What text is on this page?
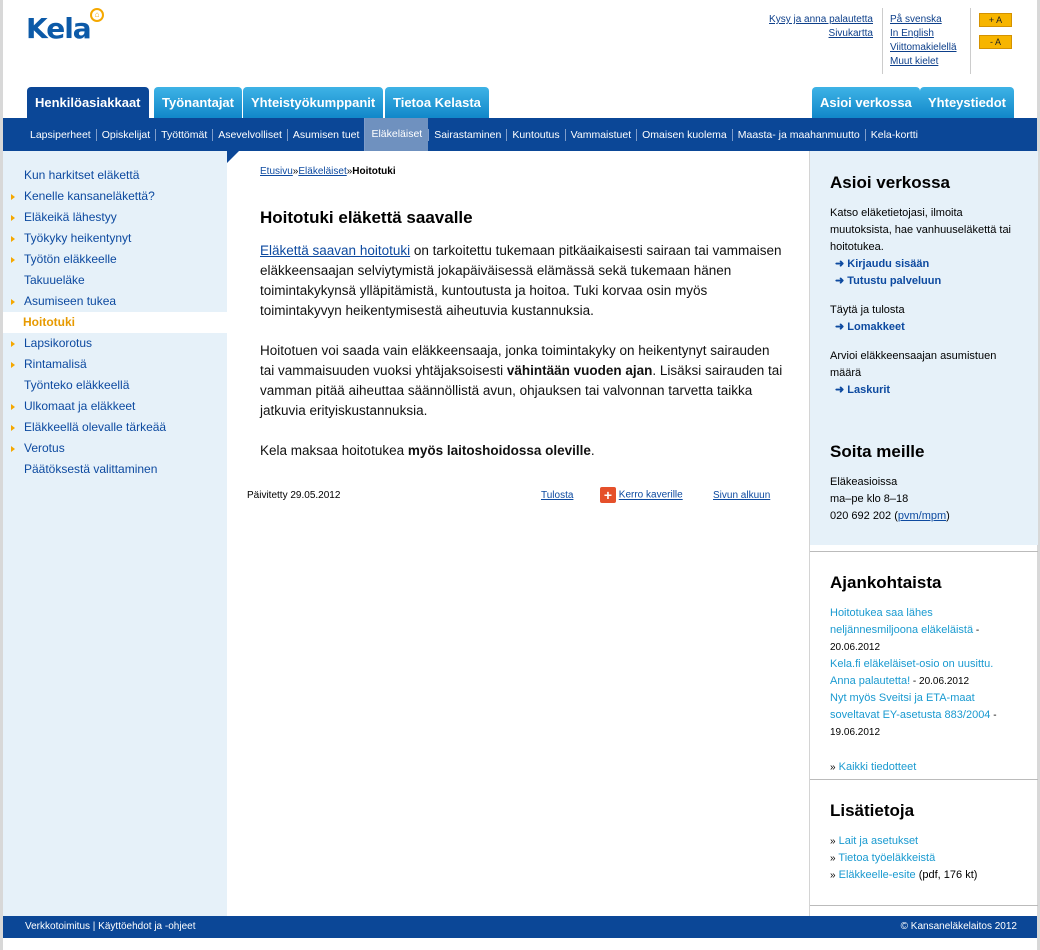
Kela ⌂	Kysy ja anna palautetta
Sivukartta
På svenska
In English
Viittomakielellä
Muut kielet
+ A
- A
Henkilöasiakkaat	Työnantajat	Yhteistyökumppanit	Tietoa Kelasta	Asioi verkossa	Yhteystiedot
Lapsiperheet	Opiskelijat	Työttömät	Asevelvolliset	Asumisen tuet	Eläkeläiset	Sairastaminen	Kuntoutus	Vammaistuet	Omaisen kuolema	Maasta- ja maahanmuutto	Kela-kortti
Kun harkitset eläkettä
Kenelle kansaneläkettä?
Eläkeikä lähestyy
Työkyky heikentynyt
Työtön eläkkeelle
Takuueläke
Asumiseen tukea
Hoitotuki
Lapsikorotus
Rintamalisä
Työnteko eläkkeellä
Ulkomaat ja eläkkeet
Eläkkeellä olevalle tärkeää
Verotus
Päätöksestä valittaminen
Etusivu»Eläkeläiset»Hoitotuki
Hoitotuki eläkettä saavalle

Eläkettä saavan hoitotuki on tarkoitettu tukemaan pitkäaikaisesti sairaan tai vammaisen eläkkeensaajan selviytymistä jokapäiväisessä elämässä sekä tukemaan hänen toimintakykynsä ylläpitämistä, kuntoutusta ja hoitoa. Tuki korvaa osin myös toimintakyvyn heikentymisestä aiheutuvia kustannuksia.

Hoitotuen voi saada vain eläkkeensaaja, jonka toimintakyky on heikentynyt sairauden tai vammaisuuden vuoksi yhtäjaksoisesti vähintään vuoden ajan. Lisäksi sairauden tai vamman pitää aiheuttaa säännöllistä avun, ohjauksen tai valvonnan tarvetta taikka jatkuvia erityiskustannuksia.

Kela maksaa hoitotukea myös laitoshoidossa oleville.

Päivitetty 29.05.2012	Tulosta + Kerro kaverille	Sivun alkuun
Asioi verkossa

Katso eläketietojasi, ilmoita muutoksista, hae vanhuuseläkettä tai hoitotukea.

➜ Kirjaudu sisään
➜ Tutustu palveluun

Täytä ja tulosta

➜ Lomakkeet

Arvioi eläkkeensaajan asumistuen määrä

➜ Laskurit
Soita meille

Eläkeasioissa

ma–pe klo 8–18

020 692 202 (pvm/mpm)

Ajankohtaista

Hoitotukea saa lähes neljännesmiljoona eläkeläistä - 20.06.2012

Kela.fi eläkeläiset-osio on uusittu. Anna palautetta! - 20.06.2012

Nyt myös Sveitsi ja ETA-maat soveltavat EY-asetusta 883/2004 - 19.06.2012

» Kaikki tiedotteet

Lisätietoja

» Lait ja asetukset

» Tietoa työeläkkeistä

» Eläkkeelle-esite (pdf, 176 kt)

Verkkotoimitus | Käyttöehdot ja -ohjeet	© Kansaneläkelaitos 2012
